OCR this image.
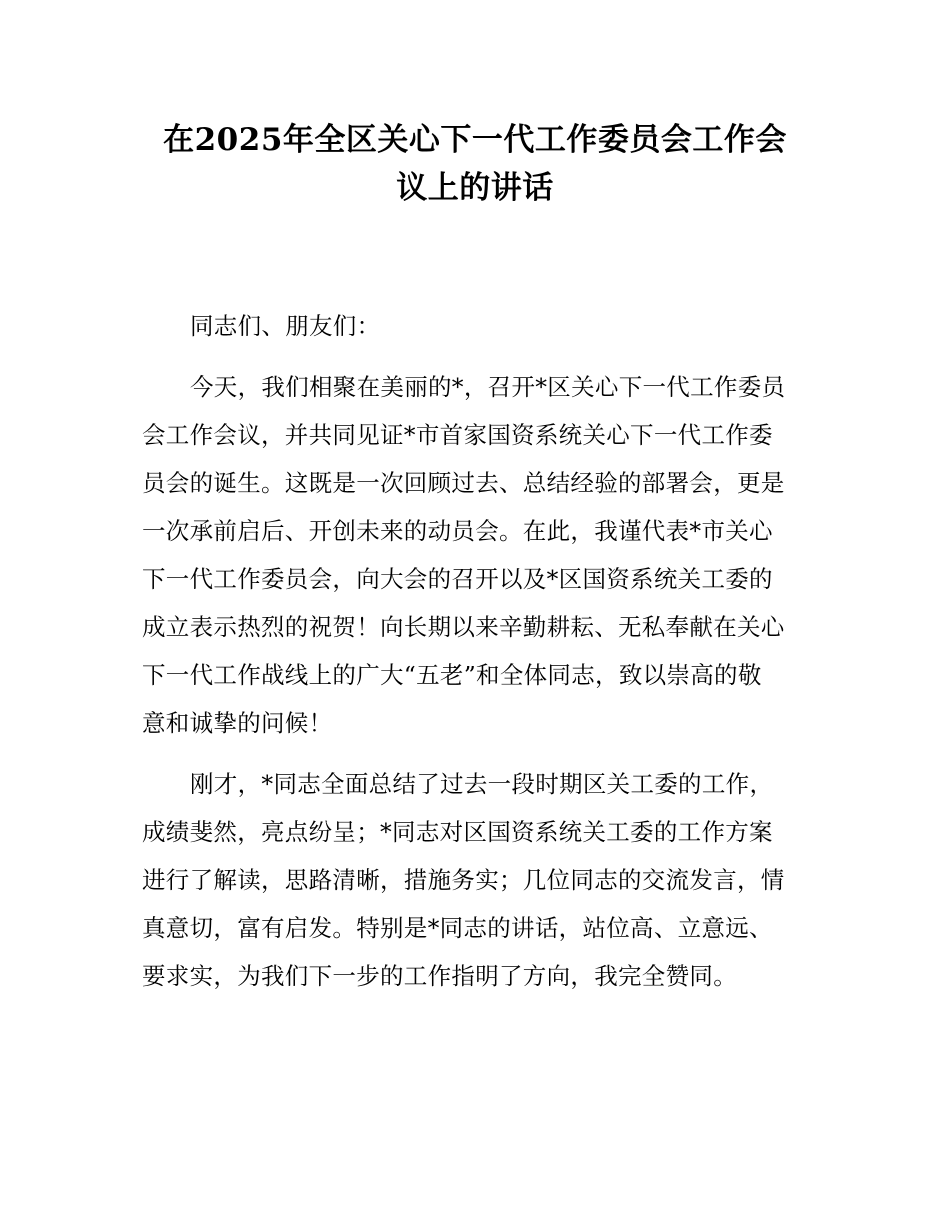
在2025年全区关心下一代工作委员会工作会
议上的讲话

同志们、朋友们：

今天，我们相聚在美丽的*，召开*区关心下一代工作委员
会工作会议，并共同见证*市首家国资系统关心下一代工作委
员会的诞生。这既是一次回顾过去、总结经验的部署会，更是
一次承前启后、开创未来的动员会。在此，我谨代表*市关心
下一代工作委员会，向大会的召开以及*区国资系统关工委的
成立表示热烈的祝贺！向长期以来辛勤耕耘、无私奉献在关心
下一代工作战线上的广大“五老”和全体同志，致以崇高的敬
意和诚挚的问候！

刚才，*同志全面总结了过去一段时期区关工委的工作，
成绩斐然，亮点纷呈；*同志对区国资系统关工委的工作方案
进行了解读，思路清晰，措施务实；几位同志的交流发言，情
真意切，富有启发。特别是*同志的讲话，站位高、立意远、
要求实，为我们下一步的工作指明了方向，我完全赞同。
